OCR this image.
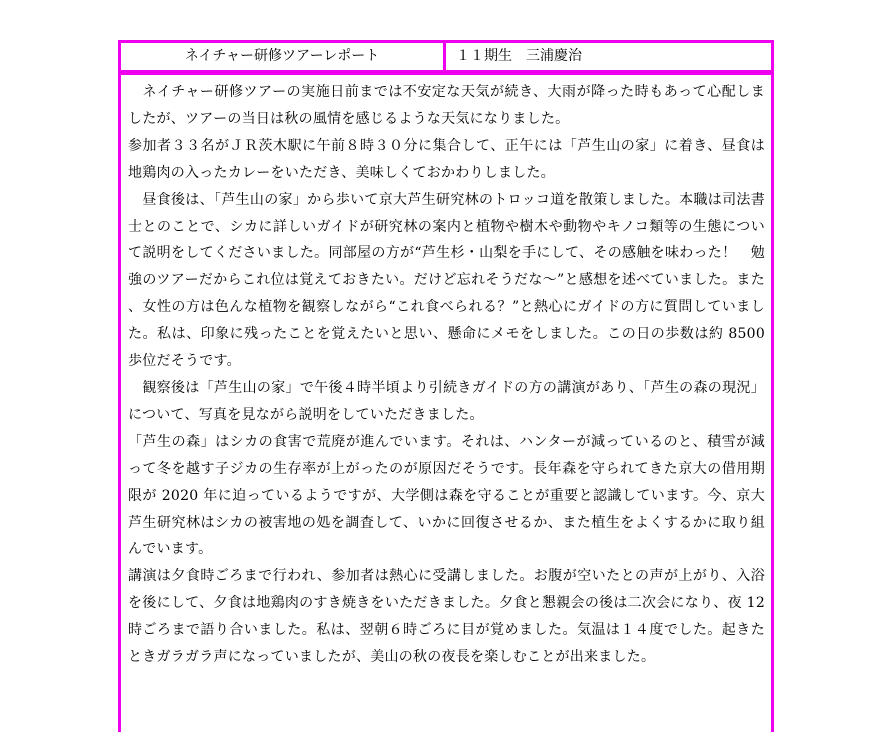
ネイチャー研修ツアーレポート	１１期生　三浦慶治

　ネイチャー研修ツアーの実施日前までは不安定な天気が続き、大雨が降った時もあって心配しましたが、ツアーの当日は秋の風情を感じるような天気になりました。

参加者３３名がＪＲ茨木駅に午前８時３０分に集合して、正午には「芦生山の家」に着き、昼食は地鶏肉の入ったカレーをいただき、美味しくておかわりしました。

　昼食後は、「芦生山の家」から歩いて京大芦生研究林のトロッコ道を散策しました。本職は司法書士とのことで、シカに詳しいガイドが研究林の案内と植物や樹木や動物やキノコ類等の生態について説明をしてくださいました。同部屋の方が“芦生杉・山梨を手にして、その感触を味わった！　勉強のツアーだからこれ位は覚えておきたい。だけど忘れそうだな～”と感想を述べていました。また、女性の方は色んな植物を観察しながら“これ食べられる？”と熱心にガイドの方に質問していました。私は、印象に残ったことを覚えたいと思い、懸命にメモをしました。この日の歩数は約 8500 歩位だそうです。

　観察後は「芦生山の家」で午後４時半頃より引続きガイドの方の講演があり、「芦生の森の現況」について、写真を見ながら説明をしていただきました。

「芦生の森」はシカの食害で荒廃が進んでいます。それは、ハンターが減っているのと、積雪が減って冬を越す子ジカの生存率が上がったのが原因だそうです。長年森を守られてきた京大の借用期限が 2020 年に迫っているようですが、大学側は森を守ることが重要と認識しています。今、京大芦生研究林はシカの被害地の処を調査して、いかに回復させるか、また植生をよくするかに取り組んでいます。

講演は夕食時ごろまで行われ、参加者は熱心に受講しました。お腹が空いたとの声が上がり、入浴を後にして、夕食は地鶏肉のすき焼きをいただきました。夕食と懇親会の後は二次会になり、夜 12 時ごろまで語り合いました。私は、翌朝６時ごろに目が覚めました。気温は１４度でした。起きたときガラガラ声になっていましたが、美山の秋の夜長を楽しむことが出来ました。
